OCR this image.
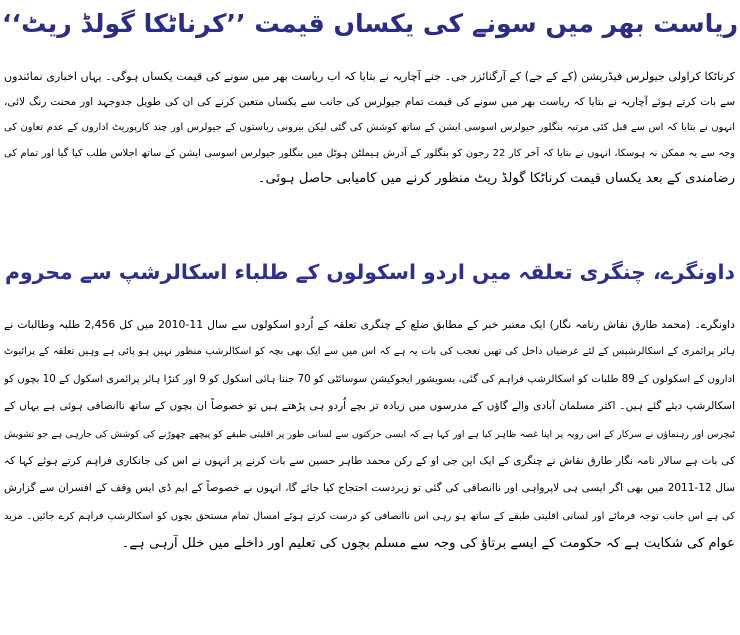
ریاست بھر میں سونے کی یکساں قیمت ’’کرناٹکا گولڈ ریٹ‘‘
کرناٹکا کراولی جیولرس فیڈریشن (کے کے جے) کے آرگنائزر جی۔ جنے آچاریہ نے بتایا کہ اب ریاست بھر میں سونے کی قیمت یکساں ہوگی۔ یہاں اخباری نمائندوں
سے بات کرتے ہوئے آچاریہ نے بتایا کہ ریاست بھر میں سونے کی قیمت تمام جیولرس کی جانب سے یکساں متعین کرنے کی ان کی طویل جدوجہد اور محنت رنگ لائی،
انہوں نے بتایا کہ اس سے قبل کئی مرتبہ بنگلور جیولرس اسوسی ایشن کے ساتھ کوشش کی گئی لیکن بیرونی ریاستوں کے جیولرس اور چند کارپوریٹ اداروں کے عدم تعاون کی
وجہ سے یہ ممکن نہ ہوسکا، انہوں نے بتایا کہ آخر کار 22 رجون کو بنگلور کے آدرش ہیملٹن ہوٹل میں بنگلور جیولرس اسوسی ایشن کے ساتھ اجلاس طلب کیا گیا اور تمام کی
رضامندی کے بعد یکساں قیمت کرناٹکا گولڈ ریٹ منظور کرنے میں کامیابی حاصل ہوئی۔
داونگرے، چنگری تعلقہ میں اردو اسکولوں کے طلباء اسکالرشپ سے محروم
داونگرے۔ (محمد طارق نقاش رنامہ نگار) ایک معتبر خبر کے مطابق ضلع کے چنگری تعلقہ کے اُردو اسکولوں سے سال 11-2010 میں کل 2,456 طلبہ وطالبات نے
ہائر پرائمری کے اسکالرشپس کے لئے عرضیاں داخل کی تھیں تعجب کی بات یہ ہے کہ اس میں سے ایک بھی بچہ کو اسکالرشپ منظور نہیں ہو پائی ہے وہیں تعلقہ کے پرائیوٹ
اداروں کے اسکولوں کے 89 طلبات کو اسکالرشپ فراہم کی گئی، بسویشور ایجوکیشن سوسائٹی کو 70 جنتا ہائی اسکول کو 9 اور کنڑا ہائر پرائمری اسکول کے 10 بچوں کو
اسکالرشپ دیئے گئے ہیں۔ اکثر مسلمان آبادی والے گاؤں کے مدرسوں میں زیادہ تر بچے اُردو ہی پڑھتے ہیں تو خصوصاً ان بچوں کے ساتھ ناانصافی ہوئی ہے یہاں کے
ٹیچرس اور رہنماؤں نے سرکار کے اس رویہ پر اپنا غصہ ظاہر کیا ہے اور کہا ہے کہ ایسی حرکتوں سے لسانی طور پر اقلیتی طبقے کو پیچھے چھوڑنے کی کوشش کی جارہی ہے جو تشویش
کی بات ہے سالار نامہ نگار طارق نقاش نے چنگری کے ایک این جی او کے رکن محمد طاہر حسین سے بات کرنے پر انہوں نے اس کی جانکاری فراہم کرتے ہوئے کہا کہ
سال 12-2011 میں بھی اگر ایسی ہی لاپرواہی اور ناانصافی کی گئی تو زبردست احتجاج کیا جائے گا، انہوں نے خصوصاً کے ایم ڈی ایس وقف کے افسران سے گزارش
کی ہے اس جانب توجہ فرمائے اور لسانی اقلیتی طبقے کے ساتھ ہو رہی اس ناانصافی کو درست کرتے ہوئے امسال تمام مستحق بچوں کو اسکالرشپ فراہم کرے جائیں۔ مزید
عوام کی شکایت ہے کہ حکومت کے ایسے برتاؤ کی وجہ سے مسلم بچوں کی تعلیم اور داخلے میں خلل آرہی ہے۔
